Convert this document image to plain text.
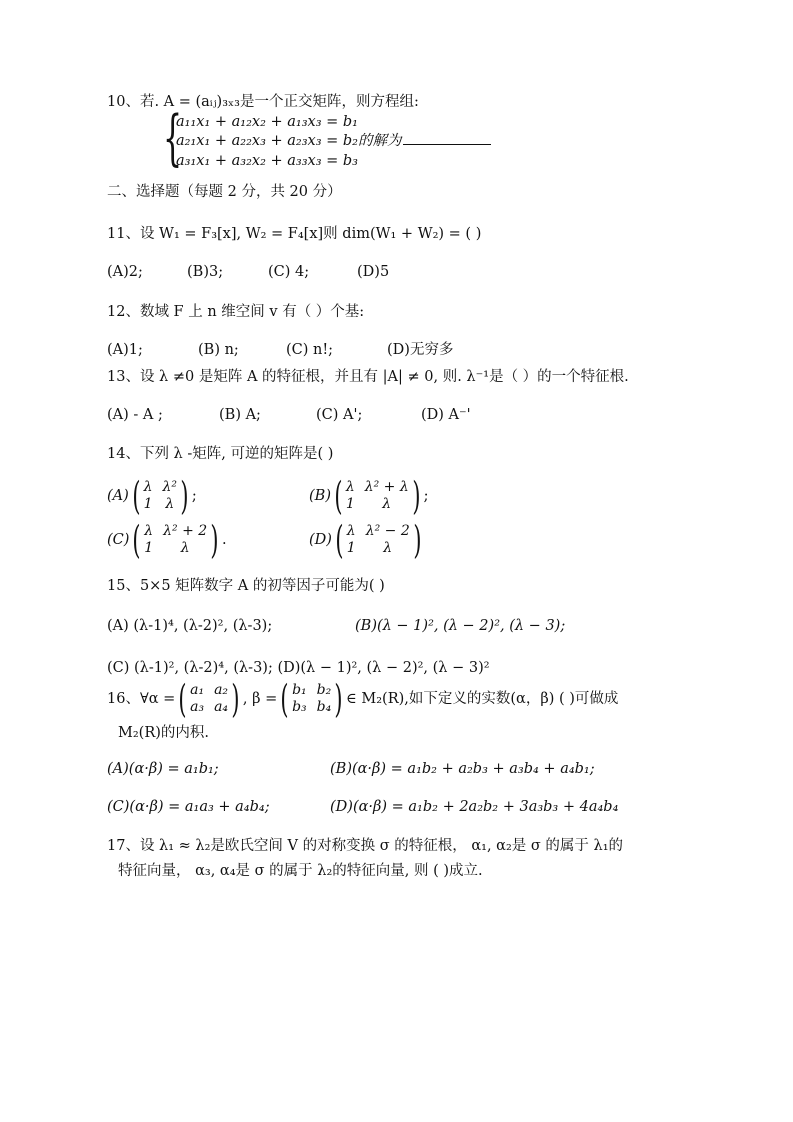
10、若. A = (aᵢⱼ)₃ₓ₃是一个正交矩阵，则方程组:
{
a₁₁x₁ + a₁₂x₂ + a₁₃x₃ = b₁
a₂₁x₁ + a₂₂x₃ + a₂₃x₃ = b₂的解为
a₃₁x₁ + a₃₂x₂ + a₃₃x₃ = b₃
二、选择题（每题 2 分，共 20 分）
11、设 W₁ = F₃[x], W₂ = F₄[x]则 dim(W₁ + W₂) = ( )
(A)2;	(B)3;	(C) 4;	(D)5
12、数域 F 上 n 维空间 v 有（ ）个基:
(A)1;	(B) n;	(C) n!;	(D)无穷多
13、设 λ ≠0 是矩阵 A 的特征根，并且有 |A| ≠ 0, 则. λ⁻¹是（ ）的一个特征根.
(A) - A ;	(B) A;	(C) A';	(D) A⁻'
14、下列 λ -矩阵, 可逆的矩阵是( )
(A) ( λ λ²
1 λ ) ;	(B) ( λ λ² + λ
1	λ ) ;
(C) ( λ λ² + 2
1	λ ) .	(D) ( λ λ² − 2
1	λ )
15、5×5 矩阵数字 A 的初等因子可能为( )
(A) (λ-1)⁴, (λ-2)², (λ-3);	(B)(λ − 1)², (λ − 2)², (λ − 3);
(C) (λ-1)², (λ-2)⁴, (λ-3); (D)(λ − 1)², (λ − 2)², (λ − 3)²
16、∀α = ( a₁ a₂
a₃ a₄ ) , β = ( b₁ b₂
b₃ b₄ ) ∈ M₂(R),如下定义的实数(α，β) ( )可做成
M₂(R)的内积.
(A)(α·β) = a₁b₁;	(B)(α·β) = a₁b₂ + a₂b₃ + a₃b₄ + a₄b₁;
(C)(α·β) = a₁a₃ + a₄b₄;	(D)(α·β) = a₁b₂ + 2a₂b₂ + 3a₃b₃ + 4a₄b₄
17、设 λ₁ ≈ λ₂是欧氏空间 V 的对称变换 σ 的特征根， α₁, α₂是 σ 的属于 λ₁的
特征向量， α₃, α₄是 σ 的属于 λ₂的特征向量, 则 ( )成立.
